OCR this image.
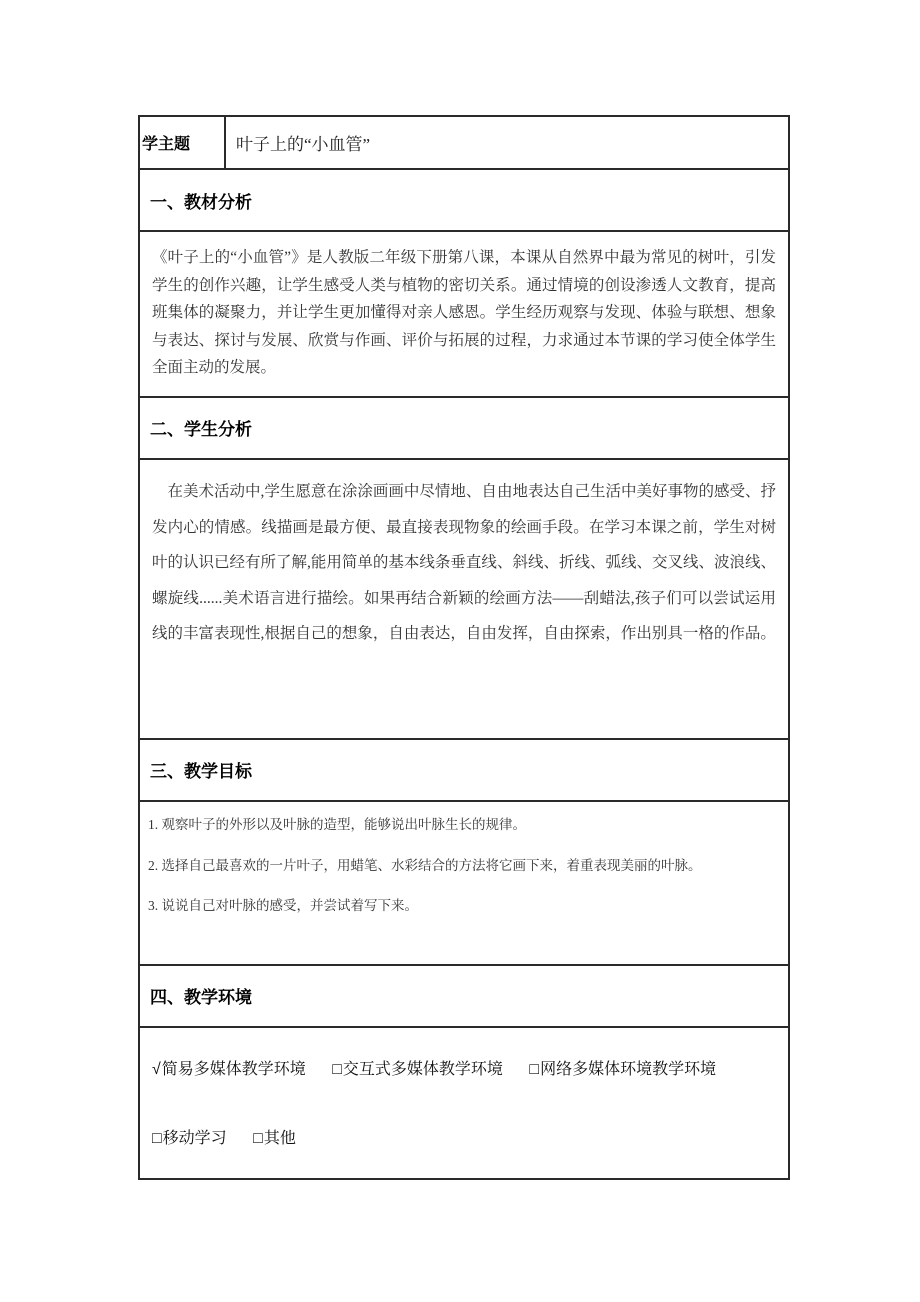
学主题	叶子上的“小血管”
一、教材分析
《叶子上的“小血管”》是人教版二年级下册第八课，本课从自然界中最为常见的树叶，引发学生的创作兴趣，让学生感受人类与植物的密切关系。通过情境的创设渗透人文教育，提高班集体的凝聚力，并让学生更加懂得对亲人感恩。学生经历观察与发现、体验与联想、想象与表达、探讨与发展、欣赏与作画、评价与拓展的过程，力求通过本节课的学习使全体学生全面主动的发展。
二、学生分析
　在美术活动中,学生愿意在涂涂画画中尽情地、自由地表达自己生活中美好事物的感受、抒发内心的情感。线描画是最方便、最直接表现物象的绘画手段。在学习本课之前，学生对树叶的认识已经有所了解,能用简单的基本线条垂直线、斜线、折线、弧线、交叉线、波浪线、螺旋线......美术语言进行描绘。如果再结合新颖的绘画方法——刮蜡法,孩子们可以尝试运用线的丰富表现性,根据自己的想象，自由表达，自由发挥，自由探索，作出别具一格的作品。
三、教学目标

1. 观察叶子的外形以及叶脉的造型，能够说出叶脉生长的规律。

2. 选择自己最喜欢的一片叶子，用蜡笔、水彩结合的方法将它画下来，着重表现美丽的叶脉。

3. 说说自己对叶脉的感受，并尝试着写下来。

四、教学环境
√简易多媒体教学环境 □交互式多媒体教学环境 □网络多媒体环境教学环境
□移动学习 □其他
